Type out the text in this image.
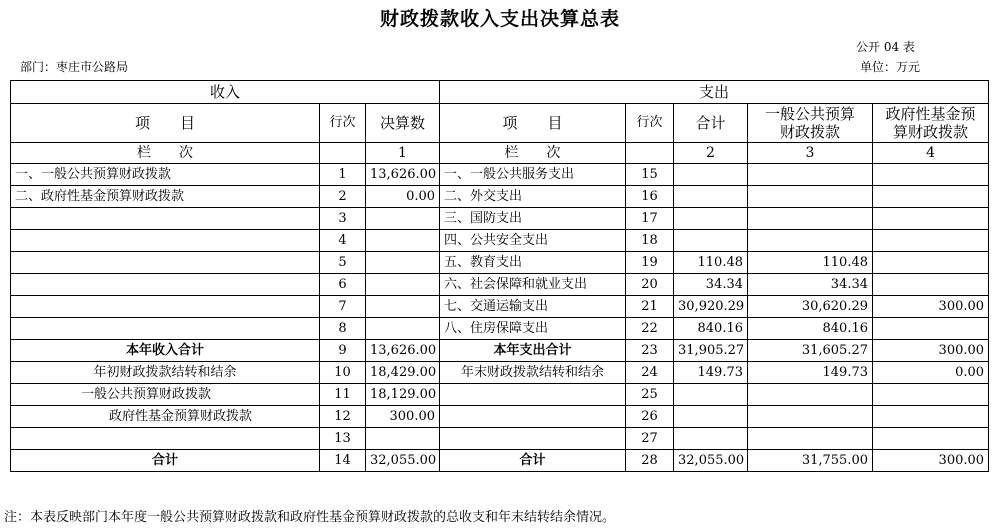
财政拨款收入支出决算总表
公开 04 表
部门：枣庄市公路局	单位：万元
收入			支出				
项　　目	行次	决算数	项　　目	行次	合计	一般公共预算财政拨款	政府性基金预算财政拨款
栏　　次		1	栏　　次		2	3	4
一、一般公共预算财政拨款	1	13,626.00	一、一般公共服务支出	15			
二、政府性基金预算财政拨款	2	0.00	二、外交支出	16			
	3		三、国防支出	17			
	4		四、公共安全支出	18			
	5		五、教育支出	19	110.48	110.48	
	6		六、社会保障和就业支出	20	34.34	34.34	
	7		七、交通运输支出	21	30,920.29	30,620.29	300.00
	8		八、住房保障支出	22	840.16	840.16	
本年收入合计	9	13,626.00	本年支出合计	23	31,905.27	31,605.27	300.00
年初财政拨款结转和结余	10	18,429.00	年末财政拨款结转和结余	24	149.73	149.73	0.00
一般公共预算财政拨款	11	18,129.00		25			
政府性基金预算财政拨款	12	300.00		26			
	13			27			
合计	14	32,055.00	合计	28	32,055.00	31,755.00	300.00
注：本表反映部门本年度一般公共预算财政拨款和政府性基金预算财政拨款的总收支和年末结转结余情况。
